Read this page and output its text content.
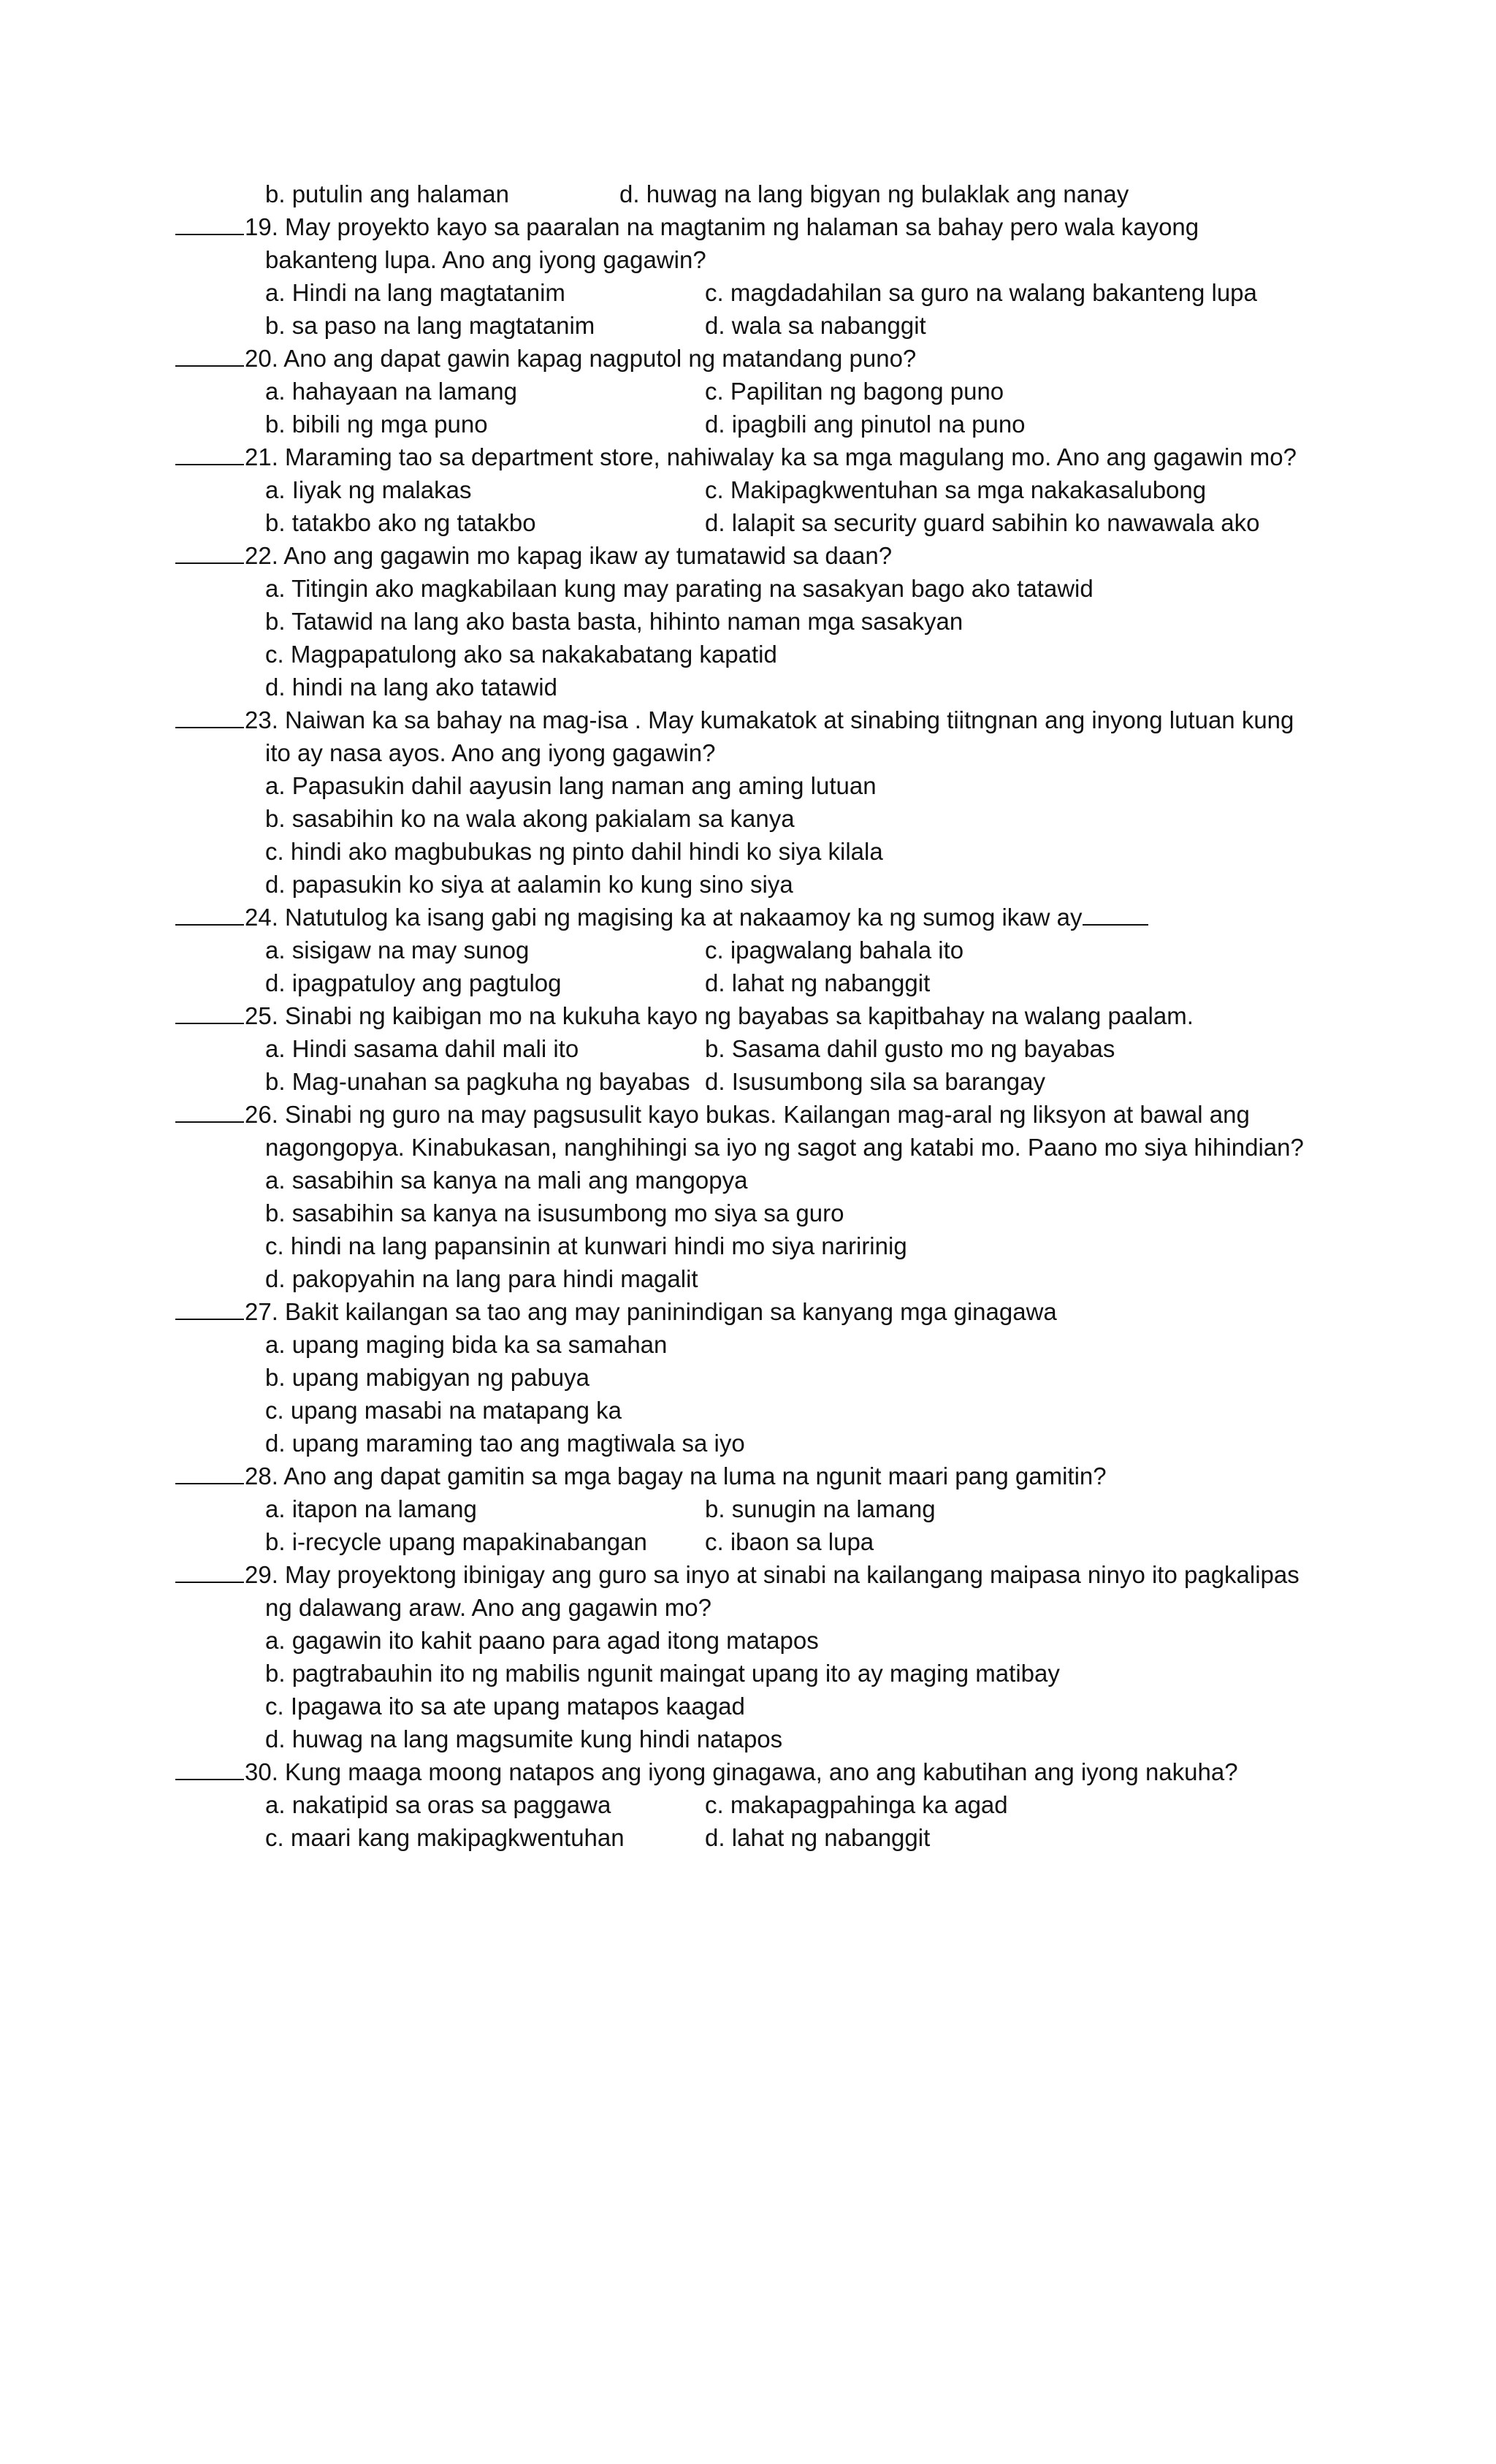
b. putulin ang halaman	d. huwag na lang bigyan ng bulaklak ang nanay
19. May proyekto kayo sa paaralan na magtanim ng halaman sa bahay pero wala kayong
bakanteng lupa. Ano ang iyong gagawin?
a. Hindi na lang magtatanim	c. magdadahilan sa guro na walang bakanteng lupa
b. sa paso na lang magtatanim	d. wala sa nabanggit
20. Ano ang dapat gawin kapag nagputol ng matandang puno?
a. hahayaan na lamang	c. Papilitan ng bagong puno
b. bibili ng mga puno	d. ipagbili ang pinutol na puno
21. Maraming tao sa department store, nahiwalay ka sa mga magulang mo. Ano ang gagawin mo?
a. Iiyak ng malakas	c. Makipagkwentuhan sa mga nakakasalubong
b. tatakbo ako ng tatakbo	d. lalapit sa security guard sabihin ko nawawala ako
22. Ano ang gagawin mo kapag ikaw ay tumatawid sa daan?
a. Titingin ako magkabilaan kung may parating na sasakyan bago ako tatawid
b. Tatawid na lang ako basta basta, hihinto naman mga sasakyan
c. Magpapatulong ako sa nakakabatang kapatid
d. hindi na lang ako tatawid
23. Naiwan ka sa bahay na mag-isa . May kumakatok at sinabing tiitngnan ang inyong lutuan kung
ito ay nasa ayos. Ano ang iyong gagawin?
a. Papasukin dahil aayusin lang naman ang aming lutuan
b. sasabihin ko na wala akong pakialam sa kanya
c. hindi ako magbubukas ng pinto dahil hindi ko siya kilala
d. papasukin ko siya at aalamin ko kung sino siya
24. Natutulog ka isang gabi ng magising ka at nakaamoy ka ng sumog ikaw ay
a. sisigaw na may sunog	c. ipagwalang bahala ito
d. ipagpatuloy ang pagtulog	d. lahat ng nabanggit
25. Sinabi ng kaibigan mo na kukuha kayo ng bayabas sa kapitbahay na walang paalam.
a. Hindi sasama dahil mali ito	b. Sasama dahil gusto mo ng bayabas
b. Mag-unahan sa pagkuha ng bayabas d. Isusumbong sila sa barangay
26. Sinabi ng guro na may pagsusulit kayo bukas. Kailangan mag-aral ng liksyon at bawal ang
nagongopya. Kinabukasan, nanghihingi sa iyo ng sagot ang katabi mo. Paano mo siya hihindian?
a. sasabihin sa kanya na mali ang mangopya
b. sasabihin sa kanya na isusumbong mo siya sa guro
c. hindi na lang papansinin at kunwari hindi mo siya naririnig
d. pakopyahin na lang para hindi magalit
27. Bakit kailangan sa tao ang may paninindigan sa kanyang mga ginagawa
a. upang maging bida ka sa samahan
b. upang mabigyan ng pabuya
c. upang masabi na matapang ka
d. upang maraming tao ang magtiwala sa iyo
28. Ano ang dapat gamitin sa mga bagay na luma na ngunit maari pang gamitin?
a. itapon na lamang	b. sunugin na lamang
b. i-recycle upang mapakinabangan c. ibaon sa lupa
29. May proyektong ibinigay ang guro sa inyo at sinabi na kailangang maipasa ninyo ito pagkalipas
ng dalawang araw. Ano ang gagawin mo?
a. gagawin ito kahit paano para agad itong matapos
b. pagtrabauhin ito ng mabilis ngunit maingat upang ito ay maging matibay
c. Ipagawa ito sa ate upang matapos kaagad
d. huwag na lang magsumite kung hindi natapos
30. Kung maaga moong natapos ang iyong ginagawa, ano ang kabutihan ang iyong nakuha?
a. nakatipid sa oras sa paggawa	c. makapagpahinga ka agad
c. maari kang makipagkwentuhan	d. lahat ng nabanggit
